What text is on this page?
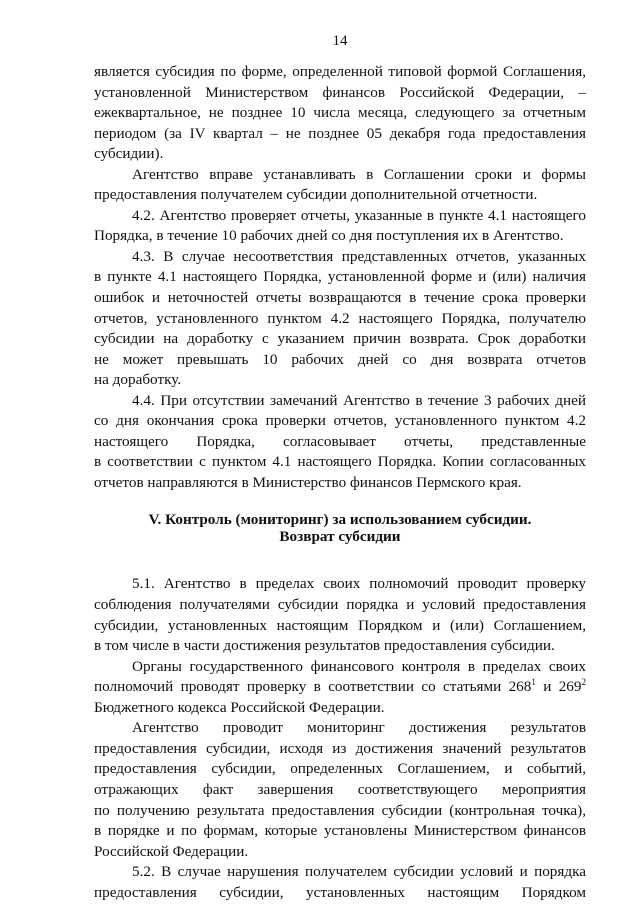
14
является субсидия по форме, определенной типовой формой Соглашения,
установленной Министерством финансов Российской Федерации, –
ежеквартальное, не позднее 10 числа месяца, следующего за отчетным
периодом (за IV квартал – не позднее 05 декабря года предоставления
субсидии).
Агентство вправе устанавливать в Соглашении сроки и формы
предоставления получателем субсидии дополнительной отчетности.
4.2. Агентство проверяет отчеты, указанные в пункте 4.1 настоящего
Порядка, в течение 10 рабочих дней со дня поступления их в Агентство.
4.3. В случае несоответствия представленных отчетов, указанных
в пункте 4.1 настоящего Порядка, установленной форме и (или) наличия
ошибок и неточностей отчеты возвращаются в течение срока проверки
отчетов, установленного пунктом 4.2 настоящего Порядка, получателю
субсидии на доработку с указанием причин возврата. Срок доработки
не может превышать 10 рабочих дней со дня возврата отчетов
на доработку.
4.4. При отсутствии замечаний Агентство в течение 3 рабочих дней
со дня окончания срока проверки отчетов, установленного пунктом 4.2
настоящего Порядка, согласовывает отчеты, представленные
в соответствии с пунктом 4.1 настоящего Порядка. Копии согласованных
отчетов направляются в Министерство финансов Пермского края.
V. Контроль (мониторинг) за использованием субсидии.
Возврат субсидии
5.1. Агентство в пределах своих полномочий проводит проверку
соблюдения получателями субсидии порядка и условий предоставления
субсидии, установленных настоящим Порядком и (или) Соглашением,
в том числе в части достижения результатов предоставления субсидии.
Органы государственного финансового контроля в пределах своих
полномочий проводят проверку в соответствии со статьями $268^1$ и $269^2$
Бюджетного кодекса Российской Федерации.
Агентство проводит мониторинг достижения результатов
предоставления субсидии, исходя из достижения значений результатов
предоставления субсидии, определенных Соглашением, и событий,
отражающих факт завершения соответствующего мероприятия
по получению результата предоставления субсидии (контрольная точка),
в порядке и по формам, которые установлены Министерством финансов
Российской Федерации.
5.2. В случае нарушения получателем субсидии условий и порядка
предоставления субсидии, установленных настоящим Порядком
